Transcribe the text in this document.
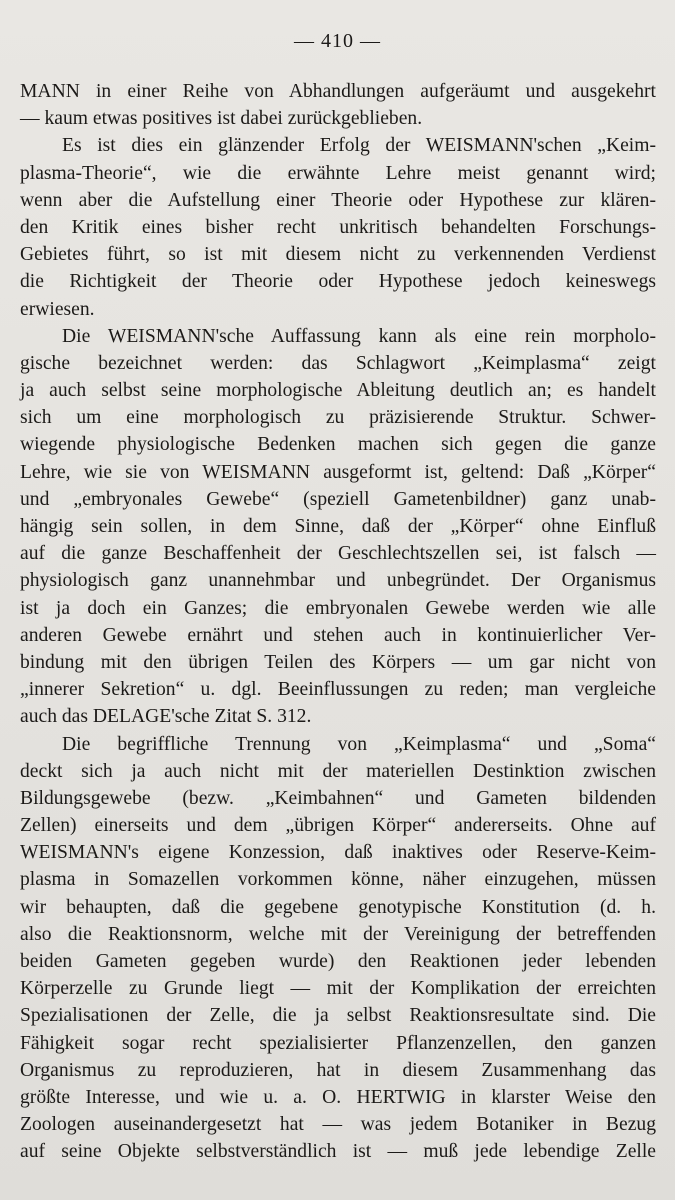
— 410 —
MANN in einer Reihe von Abhandlungen aufgeräumt und ausgekehrt
— kaum etwas positives ist dabei zurückgeblieben.
Es ist dies ein glänzender Erfolg der WEISMANN'schen „Keim-
plasma-Theorie“, wie die erwähnte Lehre meist genannt wird;
wenn aber die Aufstellung einer Theorie oder Hypothese zur klären-
den Kritik eines bisher recht unkritisch behandelten Forschungs-
Gebietes führt, so ist mit diesem nicht zu verkennenden Verdienst
die Richtigkeit der Theorie oder Hypothese jedoch keineswegs
erwiesen.
Die WEISMANN'sche Auffassung kann als eine rein morpholo-
gische bezeichnet werden: das Schlagwort „Keimplasma“ zeigt
ja auch selbst seine morphologische Ableitung deutlich an; es handelt
sich um eine morphologisch zu präzisierende Struktur. Schwer-
wiegende physiologische Bedenken machen sich gegen die ganze
Lehre, wie sie von WEISMANN ausgeformt ist, geltend: Daß „Körper“
und „embryonales Gewebe“ (speziell Gametenbildner) ganz unab-
hängig sein sollen, in dem Sinne, daß der „Körper“ ohne Einfluß
auf die ganze Beschaffenheit der Geschlechtszellen sei, ist falsch —
physiologisch ganz unannehmbar und unbegründet. Der Organismus
ist ja doch ein Ganzes; die embryonalen Gewebe werden wie alle
anderen Gewebe ernährt und stehen auch in kontinuierlicher Ver-
bindung mit den übrigen Teilen des Körpers — um gar nicht von
„innerer Sekretion“ u. dgl. Beeinflussungen zu reden; man vergleiche
auch das DELAGE'sche Zitat S. 312.
Die begriffliche Trennung von „Keimplasma“ und „Soma“
deckt sich ja auch nicht mit der materiellen Destinktion zwischen
Bildungsgewebe (bezw. „Keimbahnen“ und Gameten bildenden
Zellen) einerseits und dem „übrigen Körper“ andererseits. Ohne auf
WEISMANN's eigene Konzession, daß inaktives oder Reserve-Keim-
plasma in Somazellen vorkommen könne, näher einzugehen, müssen
wir behaupten, daß die gegebene genotypische Konstitution (d. h.
also die Reaktionsnorm, welche mit der Vereinigung der betreffenden
beiden Gameten gegeben wurde) den Reaktionen jeder lebenden
Körperzelle zu Grunde liegt — mit der Komplikation der erreichten
Spezialisationen der Zelle, die ja selbst Reaktionsresultate sind. Die
Fähigkeit sogar recht spezialisierter Pflanzenzellen, den ganzen
Organismus zu reproduzieren, hat in diesem Zusammenhang das
größte Interesse, und wie u. a. O. HERTWIG in klarster Weise den
Zoologen auseinandergesetzt hat — was jedem Botaniker in Bezug
auf seine Objekte selbstverständlich ist — muß jede lebendige Zelle
